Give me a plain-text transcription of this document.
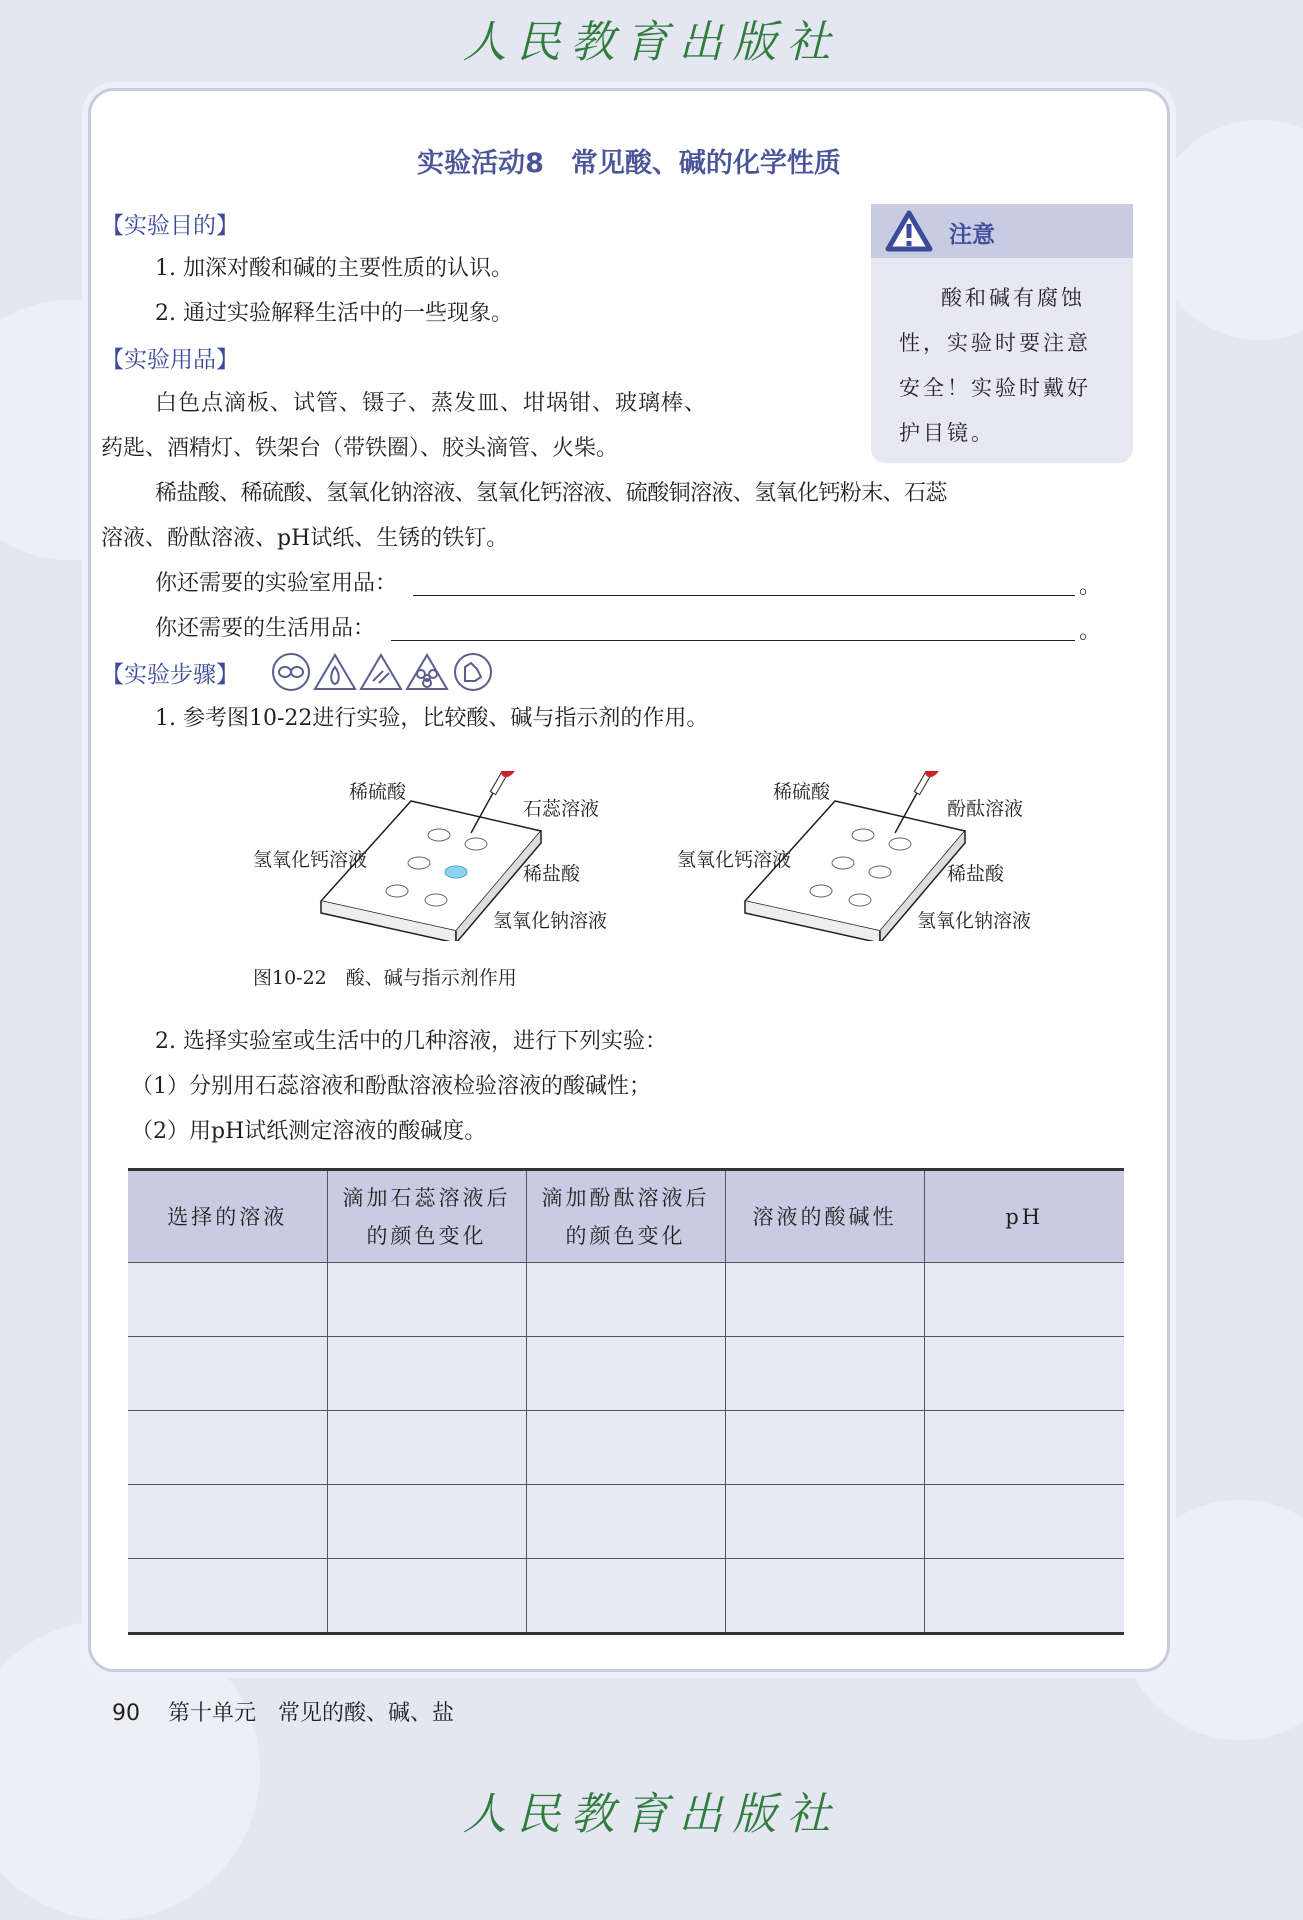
人民教育出版社
实验活动8　常见酸、碱的化学性质
注意
酸和碱有腐蚀性，实验时要注意安全！实验时戴好护目镜。
【实验目的】
1. 加深对酸和碱的主要性质的认识。
2. 通过实验解释生活中的一些现象。
【实验用品】
白色点滴板、试管、镊子、蒸发皿、坩埚钳、玻璃棒、
药匙、酒精灯、铁架台（带铁圈）、胶头滴管、火柴。
稀盐酸、稀硫酸、氢氧化钠溶液、氢氧化钙溶液、硫酸铜溶液、氢氧化钙粉末、石蕊
溶液、酚酞溶液、pH试纸、生锈的铁钉。
你还需要的实验室用品：	。
你还需要的生活用品：	。
【实验步骤】
1. 参考图10-22进行实验，比较酸、碱与指示剂的作用。
稀硫酸
石蕊溶液
氢氧化钙溶液
稀盐酸
氢氧化钠溶液
稀硫酸
酚酞溶液
氢氧化钙溶液
稀盐酸
氢氧化钠溶液
图10-22　酸、碱与指示剂作用
2. 选择实验室或生活中的几种溶液，进行下列实验：
（1）分别用石蕊溶液和酚酞溶液检验溶液的酸碱性；
（2）用pH试纸测定溶液的酸碱度。
选择的溶液	滴加石蕊溶液后的颜色变化	滴加酚酞溶液后的颜色变化	溶液的酸碱性	pH

90 第十单元　常见的酸、碱、盐
人民教育出版社
